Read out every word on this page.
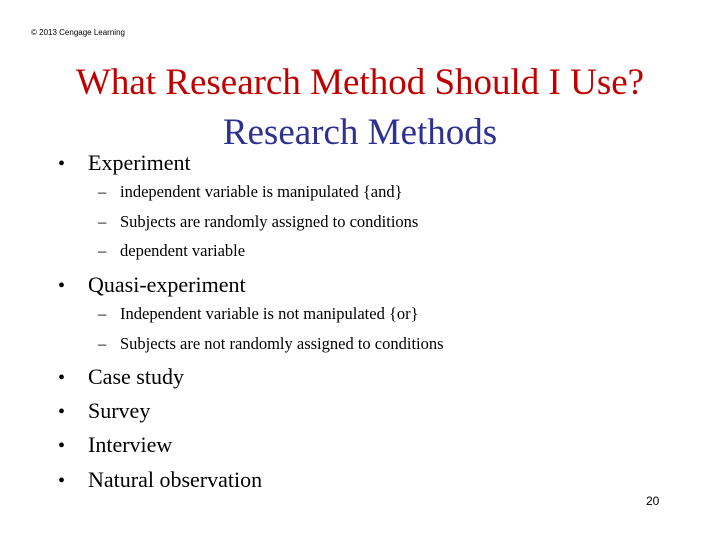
© 2013 Cengage Learning
What Research Method Should I Use?
Research Methods
• Experiment
– independent variable is manipulated {and}
– Subjects are randomly assigned to conditions
– dependent variable
• Quasi-experiment
– Independent variable is not manipulated {or}
– Subjects are not randomly assigned to conditions
• Case study
• Survey
• Interview
• Natural observation
20
